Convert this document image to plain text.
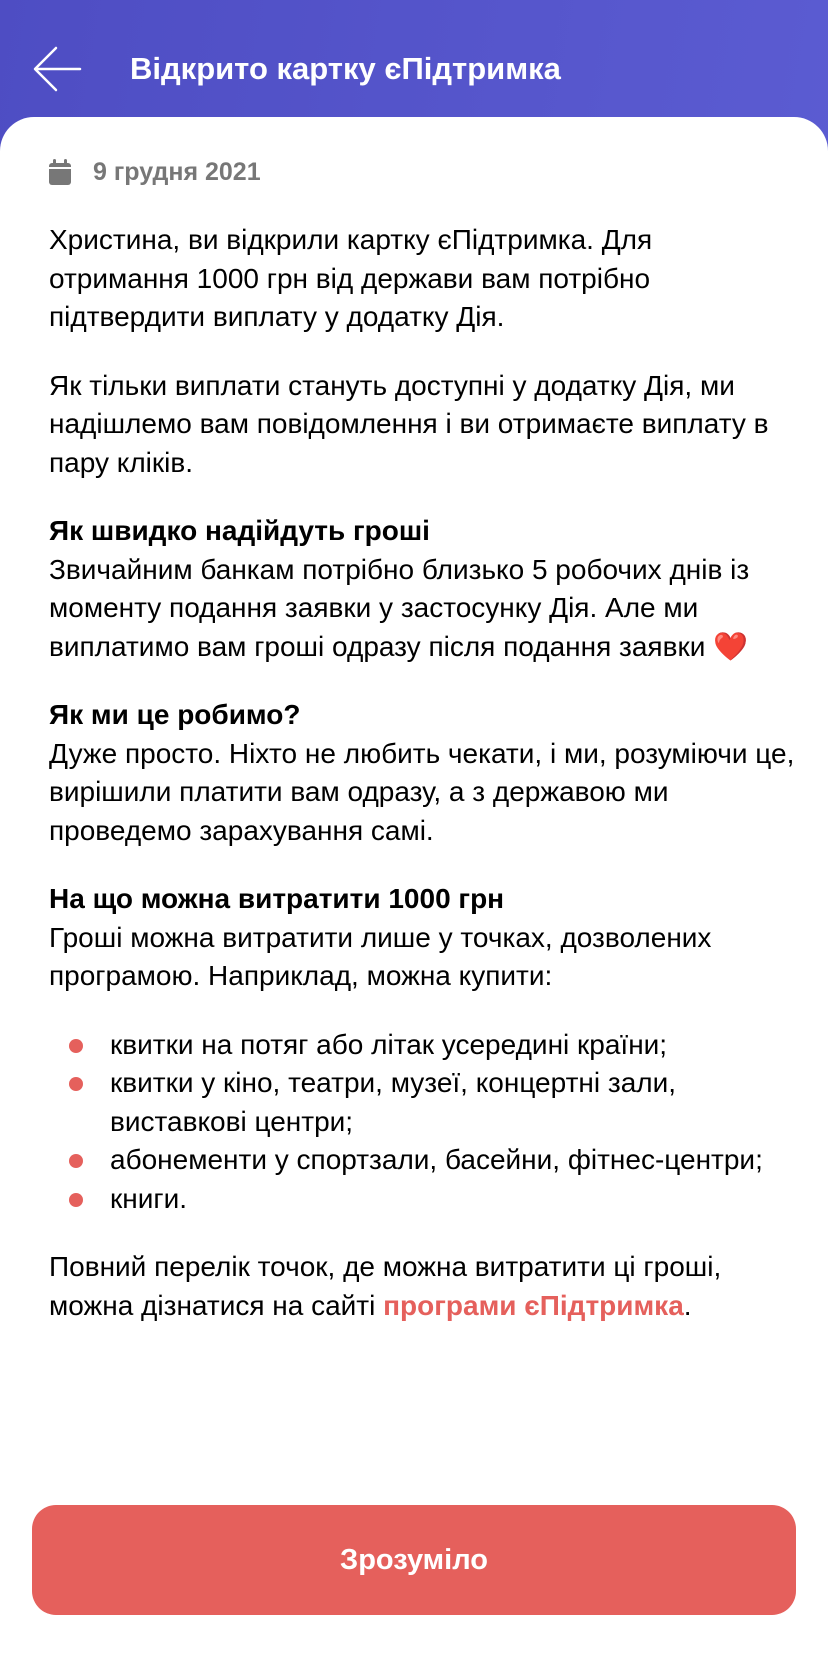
Відкрито картку єПідтримка
9 грудня 2021

Христина, ви відкрили картку єПідтримка. Для отримання 1000 грн від держави вам потрібно підтвердити виплату у додатку Дія.

Як тільки виплати стануть доступні у додатку Дія, ми надішлемо вам повідомлення і ви отримаєте виплату в пару кліків.

Як швидко надійдуть гроші
Звичайним банкам потрібно близько 5 робочих днів із моменту подання заявки у застосунку Дія. Але ми виплатимо вам гроші одразу після подання заявки ❤️

Як ми це робимо?
Дуже просто. Ніхто не любить чекати, і ми, розуміючи це, вирішили платити вам одразу, а з державою ми проведемо зарахування самі.

На що можна витратити 1000 грн
Гроші можна витратити лише у точках, дозволених програмою. Наприклад, можна купити:

квитки на потяг або літак усередині країни;
квитки у кіно, театри, музеї, концертні зали, виставкові центри;
абонементи у спортзали, басейни, фітнес-центри;
книги.

Повний перелік точок, де можна витратити ці гроші, можна дізнатися на сайті програми єПідтримка.

Зрозуміло
